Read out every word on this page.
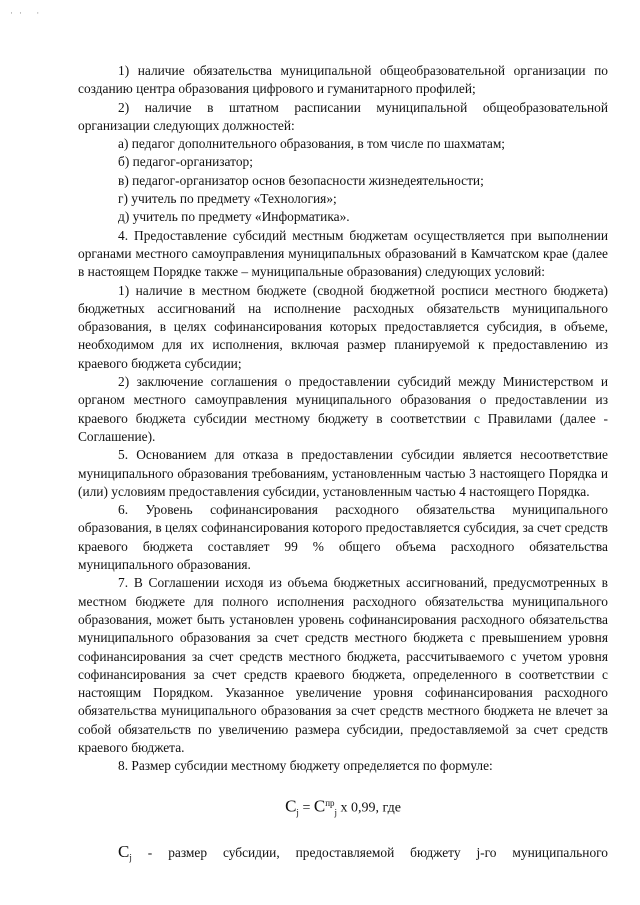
·· ·

1) наличие обязательства муниципальной общеобразовательной организации по созданию центра образования цифрового и гуманитарного профилей;

2) наличие в штатном расписании муниципальной общеобразовательной организации следующих должностей:

а) педагог дополнительного образования, в том числе по шахматам;

б) педагог-организатор;

в) педагог-организатор основ безопасности жизнедеятельности;

г) учитель по предмету «Технология»;

д) учитель по предмету «Информатика».

4. Предоставление субсидий местным бюджетам осуществляется при выполнении органами местного самоуправления муниципальных образований в Камчатском крае (далее в настоящем Порядке также – муниципальные образования) следующих условий:

1) наличие в местном бюджете (сводной бюджетной росписи местного бюджета) бюджетных ассигнований на исполнение расходных обязательств муниципального образования, в целях софинансирования которых предоставляется субсидия, в объеме, необходимом для их исполнения, включая размер планируемой к предоставлению из краевого бюджета субсидии;

2) заключение соглашения о предоставлении субсидий между Министерством и органом местного самоуправления муниципального образования о предоставлении из краевого бюджета субсидии местному бюджету в соответствии с Правилами (далее - Соглашение).

5. Основанием для отказа в предоставлении субсидии является несоответствие муниципального образования требованиям, установленным частью 3 настоящего Порядка и (или) условиям предоставления субсидии, установленным частью 4 настоящего Порядка.

6. Уровень софинансирования расходного обязательства муниципального образования, в целях софинансирования которого предоставляется субсидия, за счет средств краевого бюджета составляет 99 % общего объема расходного обязательства муниципального образования.

7. В Соглашении исходя из объема бюджетных ассигнований, предусмотренных в местном бюджете для полного исполнения расходного обязательства муниципального образования, может быть установлен уровень софинансирования расходного обязательства муниципального образования за счет средств местного бюджета с превышением уровня софинансирования за счет средств местного бюджета, рассчитываемого с учетом уровня софинансирования за счет средств краевого бюджета, определенного в соответствии с настоящим Порядком. Указанное увеличение уровня софинансирования расходного обязательства муниципального образования за счет средств местного бюджета не влечет за собой обязательств по увеличению размера субсидии, предоставляемой за счет средств краевого бюджета.

8. Размер субсидии местному бюджету определяется по формуле:

$C_j = C^{пр}_j$ x 0,99, где

$C_j$ - размер субсидии, предоставляемой бюджету j-го муниципального
